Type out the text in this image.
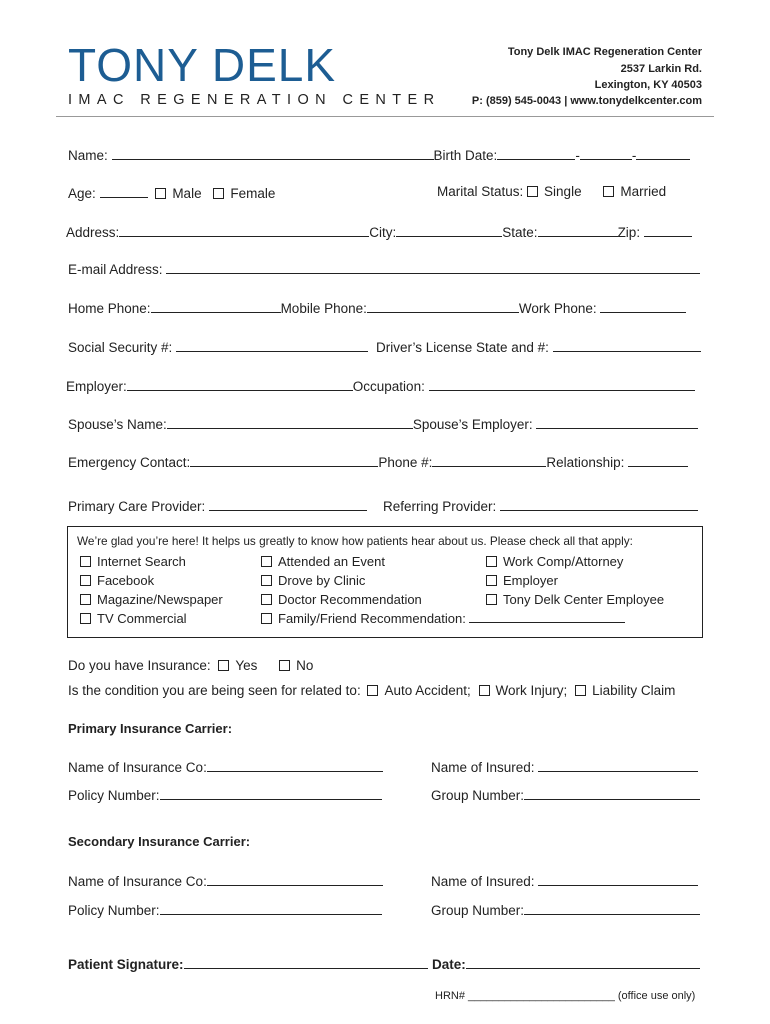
TONY DELK
IMAC REGENERATION CENTER
Tony Delk IMAC Regeneration Center
2537 Larkin Rd.
Lexington, KY 40503
P: (859) 545-0043 | www.tonydelkcenter.com
Name:	Birth Date:	-	-
Age:	Male Female	Marital Status: Single	Married
Address:	City:	State:	Zip:
E-mail Address:
Home Phone:	Mobile Phone:	Work Phone:
Social Security #:	Driver’s License State and #:
Employer:	Occupation:
Spouse’s Name:	Spouse’s Employer:
Emergency Contact:	Phone #:	Relationship:
Primary Care Provider:	Referring Provider:
We’re glad you’re here! It helps us greatly to know how patients hear about us. Please check all that apply:
Internet Search
Facebook
Magazine/Newspaper
TV Commercial
Attended an Event
Drove by Clinic
Doctor Recommendation
Family/Friend Recommendation:
Work Comp/Attorney
Employer
Tony Delk Center Employee
Do you have Insurance: Yes	No
Is the condition you are being seen for related to: Auto Accident; Work Injury; Liability Claim
Primary Insurance Carrier:
Name of Insurance Co:	Name of Insured:
Policy Number:	Group Number:
Secondary Insurance Carrier:
Name of Insurance Co:	Name of Insured:
Policy Number:	Group Number:
Patient Signature:	Date:
HRN# ________________________ (office use only)
